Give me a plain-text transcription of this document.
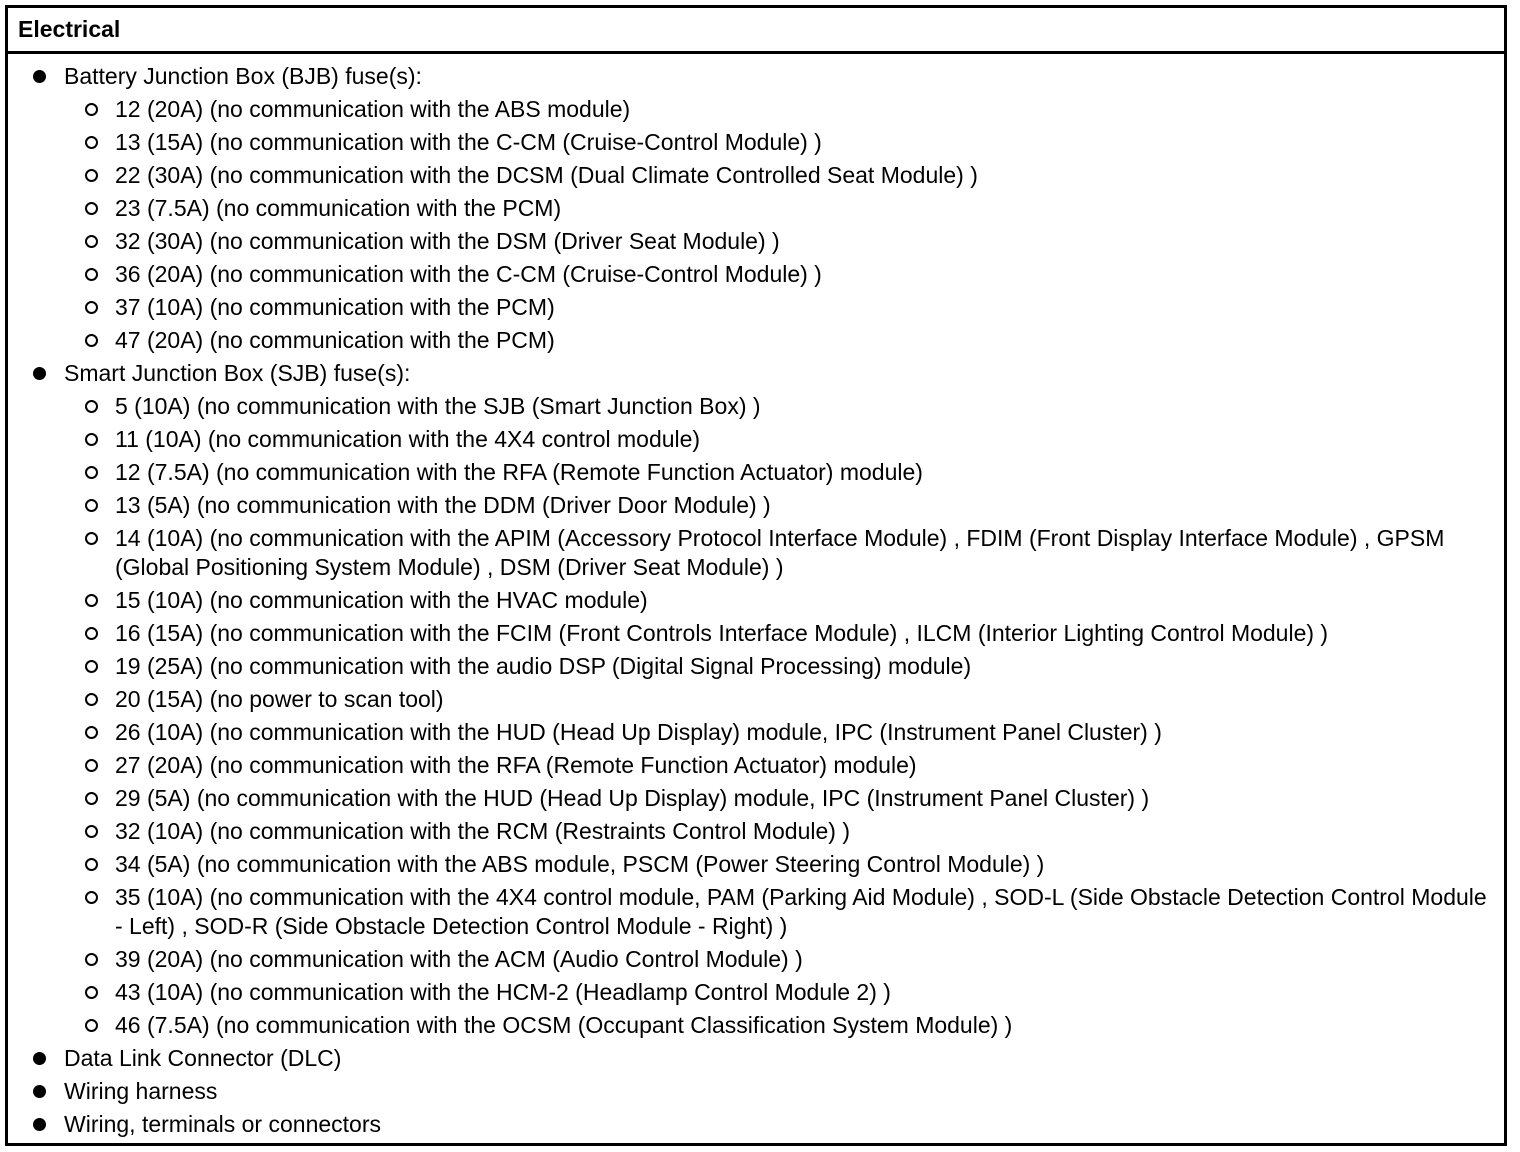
Electrical
Battery Junction Box (BJB) fuse(s):
12 (20A) (no communication with the ABS module)
13 (15A) (no communication with the C-CM (Cruise-Control Module) )
22 (30A) (no communication with the DCSM (Dual Climate Controlled Seat Module) )
23 (7.5A) (no communication with the PCM)
32 (30A) (no communication with the DSM (Driver Seat Module) )
36 (20A) (no communication with the C-CM (Cruise-Control Module) )
37 (10A) (no communication with the PCM)
47 (20A) (no communication with the PCM)
Smart Junction Box (SJB) fuse(s):
5 (10A) (no communication with the SJB (Smart Junction Box) )
11 (10A) (no communication with the 4X4 control module)
12 (7.5A) (no communication with the RFA (Remote Function Actuator) module)
13 (5A) (no communication with the DDM (Driver Door Module) )
14 (10A) (no communication with the APIM (Accessory Protocol Interface Module) , FDIM (Front Display Interface Module) , GPSM (Global Positioning System Module) , DSM (Driver Seat Module) )
15 (10A) (no communication with the HVAC module)
16 (15A) (no communication with the FCIM (Front Controls Interface Module) , ILCM (Interior Lighting Control Module) )
19 (25A) (no communication with the audio DSP (Digital Signal Processing) module)
20 (15A) (no power to scan tool)
26 (10A) (no communication with the HUD (Head Up Display) module, IPC (Instrument Panel Cluster) )
27 (20A) (no communication with the RFA (Remote Function Actuator) module)
29 (5A) (no communication with the HUD (Head Up Display) module, IPC (Instrument Panel Cluster) )
32 (10A) (no communication with the RCM (Restraints Control Module) )
34 (5A) (no communication with the ABS module, PSCM (Power Steering Control Module) )
35 (10A) (no communication with the 4X4 control module, PAM (Parking Aid Module) , SOD-L (Side Obstacle Detection Control Module - Left) , SOD-R (Side Obstacle Detection Control Module - Right) )
39 (20A) (no communication with the ACM (Audio Control Module) )
43 (10A) (no communication with the HCM-2 (Headlamp Control Module 2) )
46 (7.5A) (no communication with the OCSM (Occupant Classification System Module) )
Data Link Connector (DLC)
Wiring harness
Wiring, terminals or connectors
